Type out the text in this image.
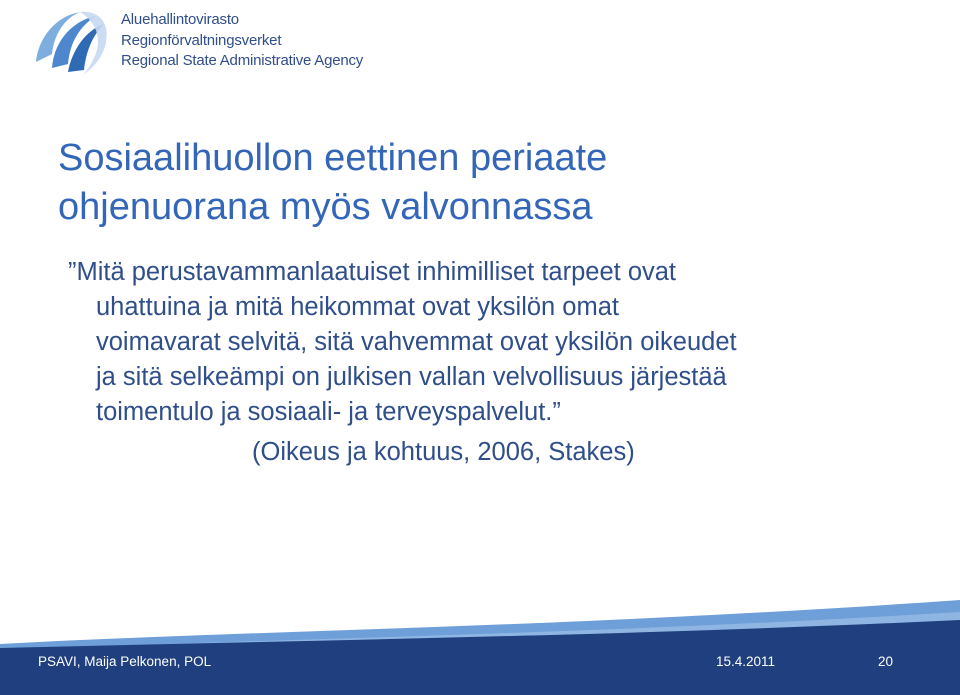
Aluehallintovirasto
Regionförvaltningsverket
Regional State Administrative Agency
Sosiaalihuollon eettinen periaate
ohjenuorana myös valvonnassa
”Mitä perustavammanlaatuiset inhimilliset tarpeet ovat
uhattuina ja mitä heikommat ovat yksilön omat
voimavarat selvitä, sitä vahvemmat ovat yksilön oikeudet
ja sitä selkeämpi on julkisen vallan velvollisuus järjestää
toimentulo ja sosiaali- ja terveyspalvelut.”
(Oikeus ja kohtuus, 2006, Stakes)
PSAVI, Maija Pelkonen, POL	15.4.2011	20
